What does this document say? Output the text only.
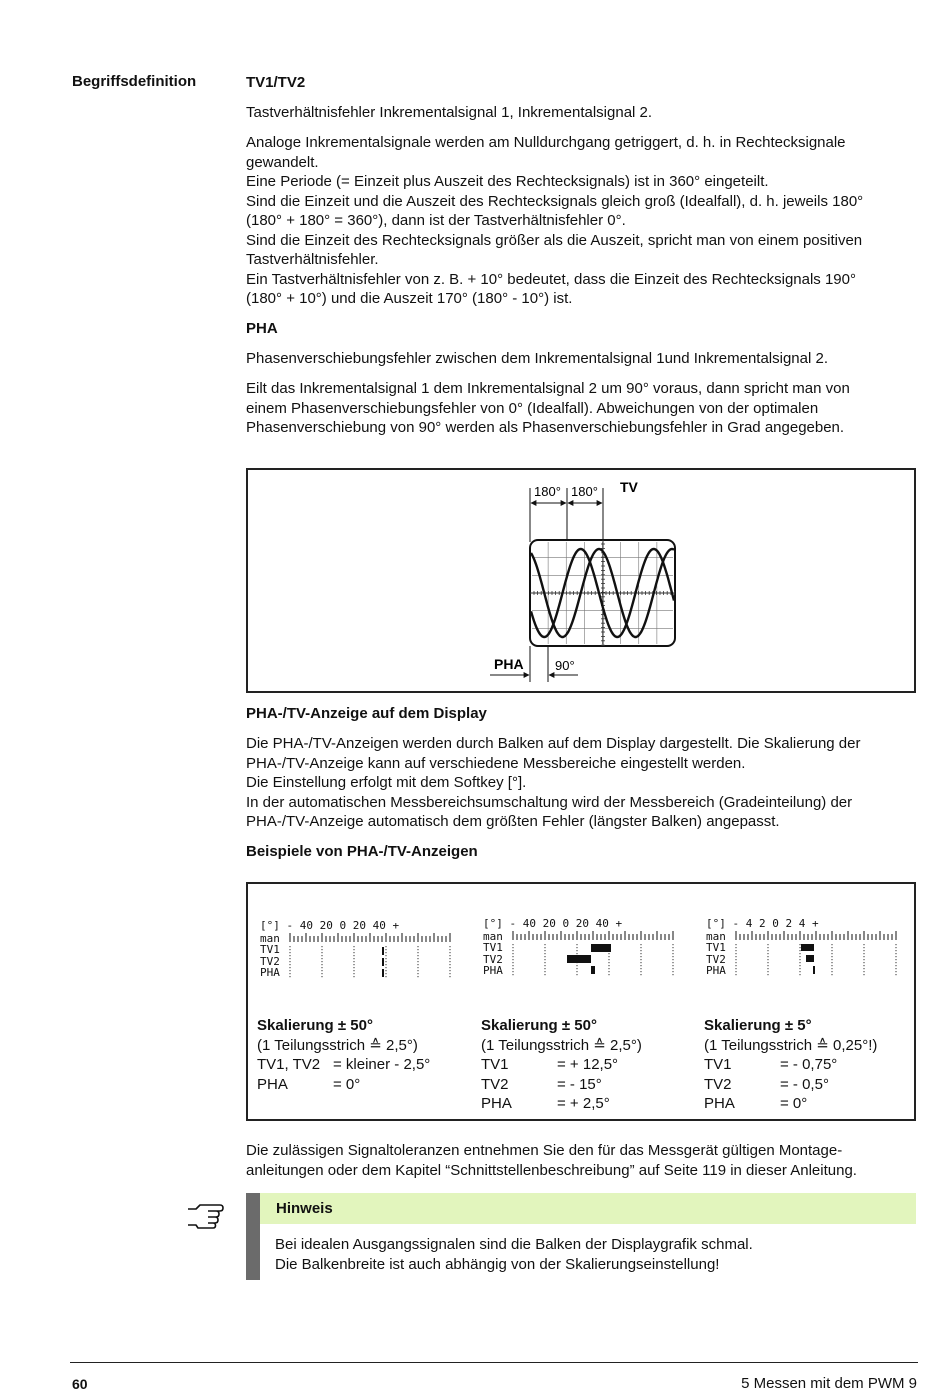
Begriffsdefinition	TV1/TV2
Tastverhältnisfehler Inkrementalsignal 1, Inkrementalsignal 2.
Analoge Inkrementalsignale werden am Nulldurchgang getriggert, d. h. in Rechtecksignale
gewandelt.
Eine Periode (= Einzeit plus Auszeit des Rechtecksignals) ist in 360° eingeteilt.
Sind die Einzeit und die Auszeit des Rechtecksignals gleich groß (Idealfall), d. h. jeweils 180°
(180° + 180° = 360°), dann ist der Tastverhältnisfehler 0°.
Sind die Einzeit des Rechtecksignals größer als die Auszeit, spricht man von einem positiven
Tastverhältnisfehler.
Ein Tastverhältnisfehler von z. B. + 10° bedeutet, dass die Einzeit des Rechtecksignals 190°
(180° + 10°) und die Auszeit 170° (180° - 10°) ist.
PHA
Phasenverschiebungsfehler zwischen dem Inkrementalsignal 1und Inkrementalsignal 2.
Eilt das Inkrementalsignal 1 dem Inkrementalsignal 2 um 90° voraus, dann spricht man von
einem Phasenverschiebungsfehler von 0° (Idealfall). Abweichungen von der optimalen
Phasenverschiebung von 90° werden als Phasenverschiebungsfehler in Grad angegeben.
180° 180° TV
PHA 90°
PHA-/TV-Anzeige auf dem Display
Die PHA-/TV-Anzeigen werden durch Balken auf dem Display dargestellt. Die Skalierung der
PHA-/TV-Anzeige kann auf verschiedene Messbereiche eingestellt werden.
Die Einstellung erfolgt mit dem Softkey [°].
In der automatischen Messbereichsumschaltung wird der Messbereich (Gradeinteilung) der
PHA-/TV-Anzeige automatisch dem größten Fehler (längster Balken) angepasst.
Beispiele von PHA-/TV-Anzeigen
[°] - 40 20 0 20 40 +
man
TV1
TV2
PHA
Skalierung ± 50°
(1 Teilungsstrich ≙ 2,5°)
TV1, TV2 = kleiner - 2,5°
PHA	= 0°
[°] - 40 20 0 20 40 +
man
TV1
TV2
PHA
Skalierung ± 50°
(1 Teilungsstrich ≙ 2,5°)
TV1	= + 12,5°
TV2	= - 15°
PHA	= + 2,5°
[°] - 4 2 0 2 4 +
man
TV1
TV2
PHA
Skalierung ± 5°
(1 Teilungsstrich ≙ 0,25°!)
TV1	= - 0,75°
TV2	= - 0,5°
PHA	= 0°
Die zulässigen Signaltoleranzen entnehmen Sie den für das Messgerät gültigen Montage-
anleitungen oder dem Kapitel “Schnittstellenbeschreibung” auf Seite 119 in dieser Anleitung.
Hinweis
Bei idealen Ausgangssignalen sind die Balken der Displaygrafik schmal.
Die Balkenbreite ist auch abhängig von der Skalierungseinstellung!
60	5 Messen mit dem PWM 9
